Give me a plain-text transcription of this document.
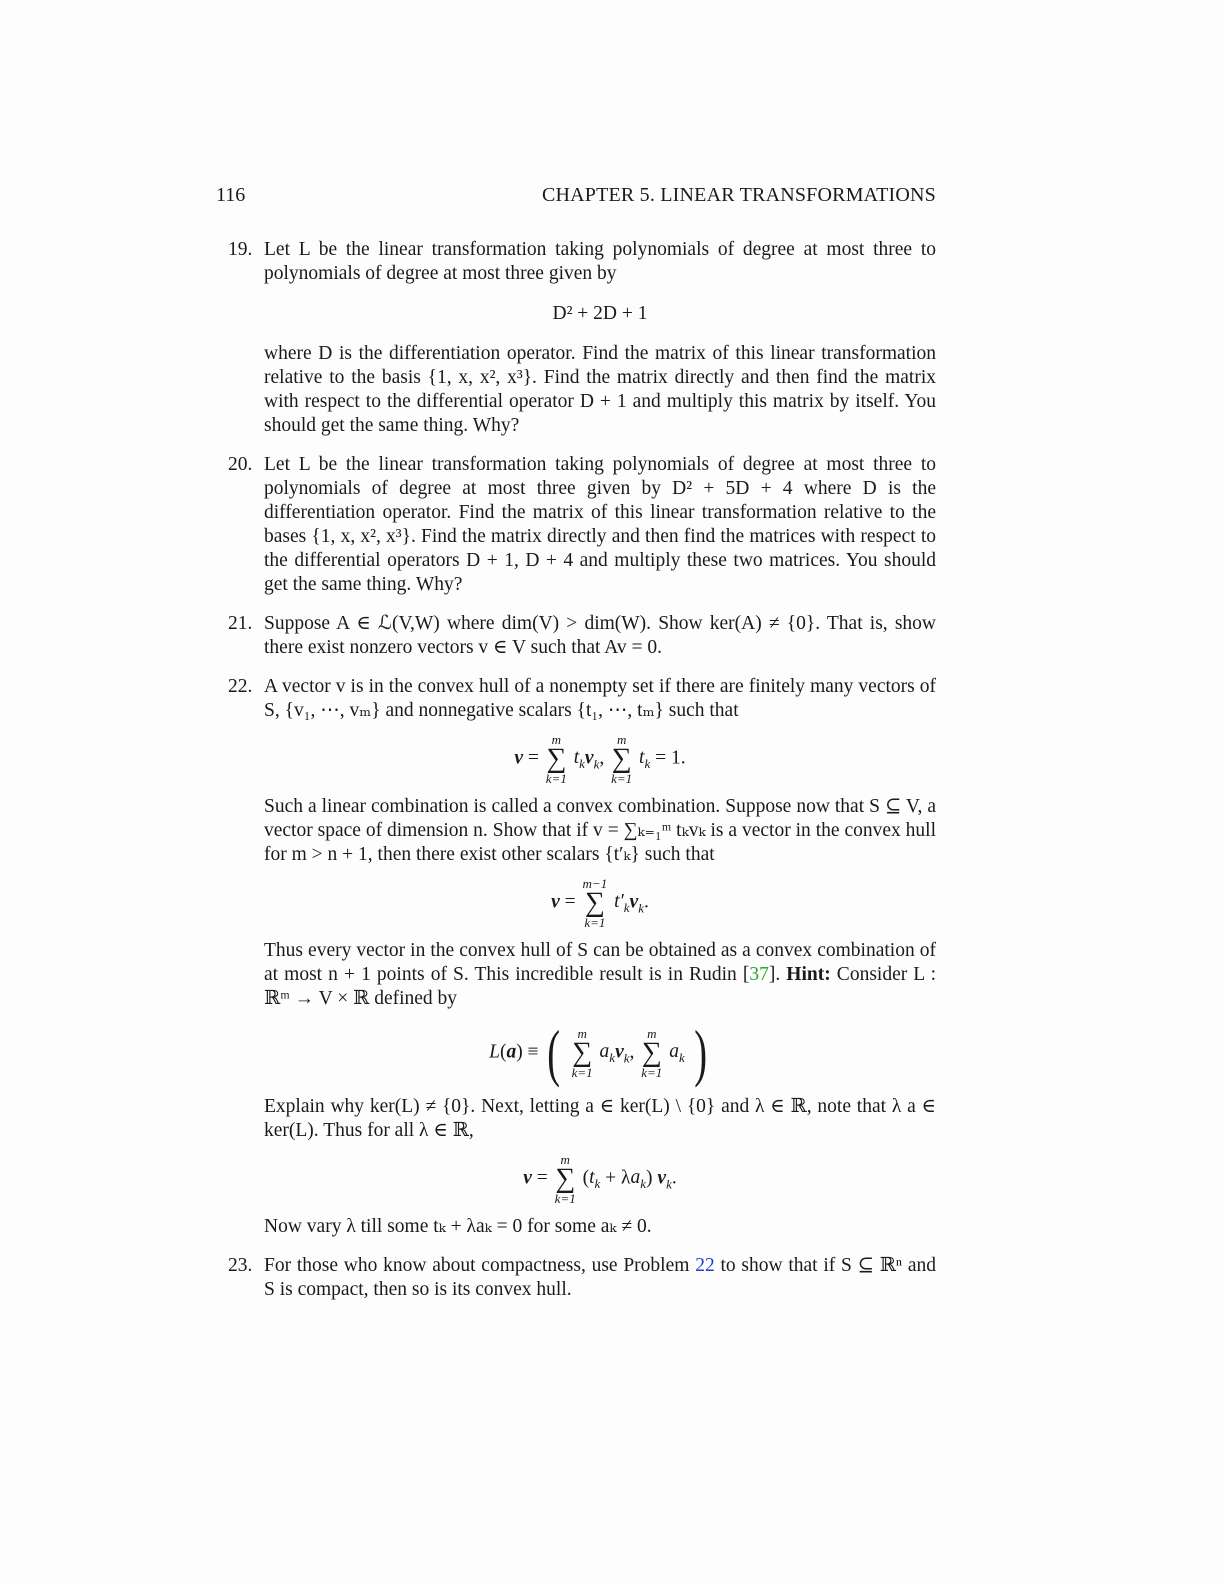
116	CHAPTER 5. LINEAR TRANSFORMATIONS
19. Let L be the linear transformation taking polynomials of degree at most three to polynomials of degree at most three given by
D² + 2D + 1
where D is the differentiation operator. Find the matrix of this linear transformation relative to the basis {1, x, x², x³}. Find the matrix directly and then find the matrix with respect to the differential operator D + 1 and multiply this matrix by itself. You should get the same thing. Why?
20. Let L be the linear transformation taking polynomials of degree at most three to polynomials of degree at most three given by D² + 5D + 4 where D is the differentiation operator. Find the matrix of this linear transformation relative to the bases {1, x, x², x³}. Find the matrix directly and then find the matrices with respect to the differential operators D + 1, D + 4 and multiply these two matrices. You should get the same thing. Why?
21. Suppose A ∈ ℒ(V,W) where dim(V) > dim(W). Show ker(A) ≠ {0}. That is, show there exist nonzero vectors v ∈ V such that Av = 0.
22. A vector v is in the convex hull of a nonempty set if there are finitely many vectors of S, {v₁, ⋯, vₘ} and nonnegative scalars {t₁, ⋯, tₘ} such that
v =
m
∑
k=1
$t_kv_k$,
m
∑
k=1
$t_k = 1$.
Such a linear combination is called a convex combination. Suppose now that S ⊆ V, a vector space of dimension n. Show that if v = ∑ₖ₌₁ᵐ tₖvₖ is a vector in the convex hull for m > n + 1, then there exist other scalars {t′ₖ} such that
v =
m−1
∑
k=1
$t'_kv_k$.
Thus every vector in the convex hull of S can be obtained as a convex combination of at most n + 1 points of S. This incredible result is in Rudin [37]. Hint: Consider L : ℝᵐ → V × ℝ defined by
L(a) ≡ ( m
∑
k=1
$a_kv_k$,
m
∑
k=1
$a_k$ )
Explain why ker(L) ≠ {0}. Next, letting a ∈ ker(L) \ {0} and λ ∈ ℝ, note that λ a ∈ ker(L). Thus for all λ ∈ ℝ,
v =
m
∑
k=1
$(t_k + \lambda a_k)$ $v_k$.
Now vary λ till some tₖ + λaₖ = 0 for some aₖ ≠ 0.
23. For those who know about compactness, use Problem 22 to show that if S ⊆ ℝⁿ and S is compact, then so is its convex hull.
